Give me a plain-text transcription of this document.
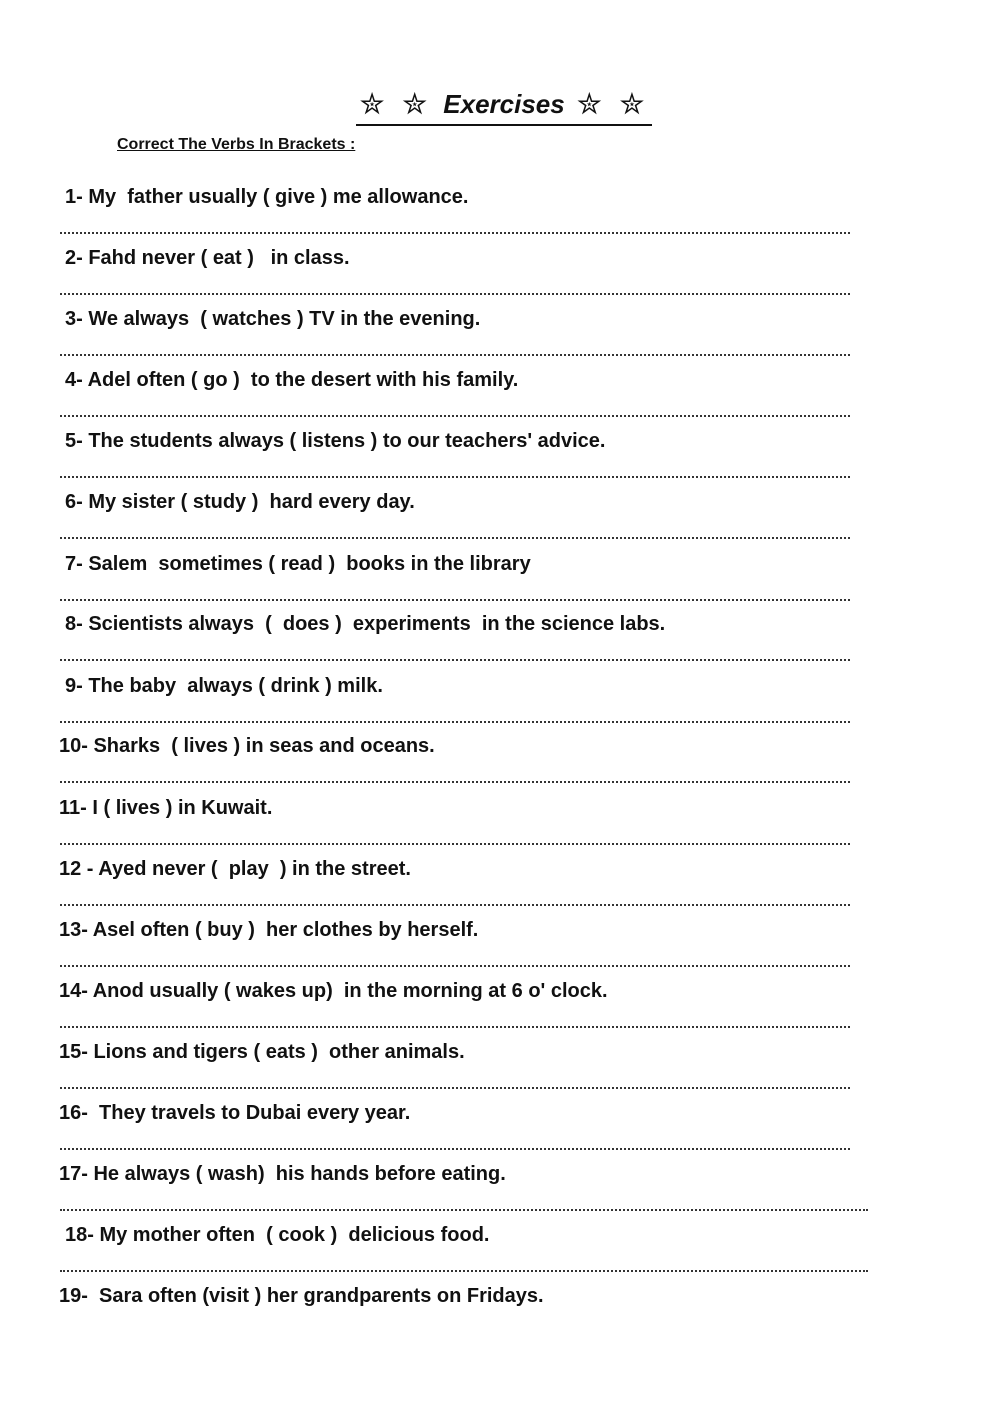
✮ ✮ Exercises ✮ ✮
Correct The Verbs In Brackets :
1- My  father usually ( give ) me allowance.
2- Fahd never ( eat )   in class.
3- We always  ( watches ) TV in the evening.
4- Adel often ( go )  to the desert with his family.
5- The students always ( listens ) to our teachers' advice.
6- My sister ( study )  hard every day.
7- Salem  sometimes ( read )  books in the library
8- Scientists always  (  does )  experiments  in the science labs.
9- The baby  always ( drink ) milk.
10- Sharks  ( lives ) in seas and oceans.
11- I ( lives ) in Kuwait.
12 - Ayed never (  play  ) in the street.
13- Asel often ( buy )  her clothes by herself.
14- Anod usually ( wakes up)  in the morning at 6 o' clock.
15- Lions and tigers ( eats )  other animals.
16-  They travels to Dubai every year.
17- He always ( wash)  his hands before eating.
18- My mother often  ( cook )  delicious food.
19-  Sara often (visit ) her grandparents on Fridays.
